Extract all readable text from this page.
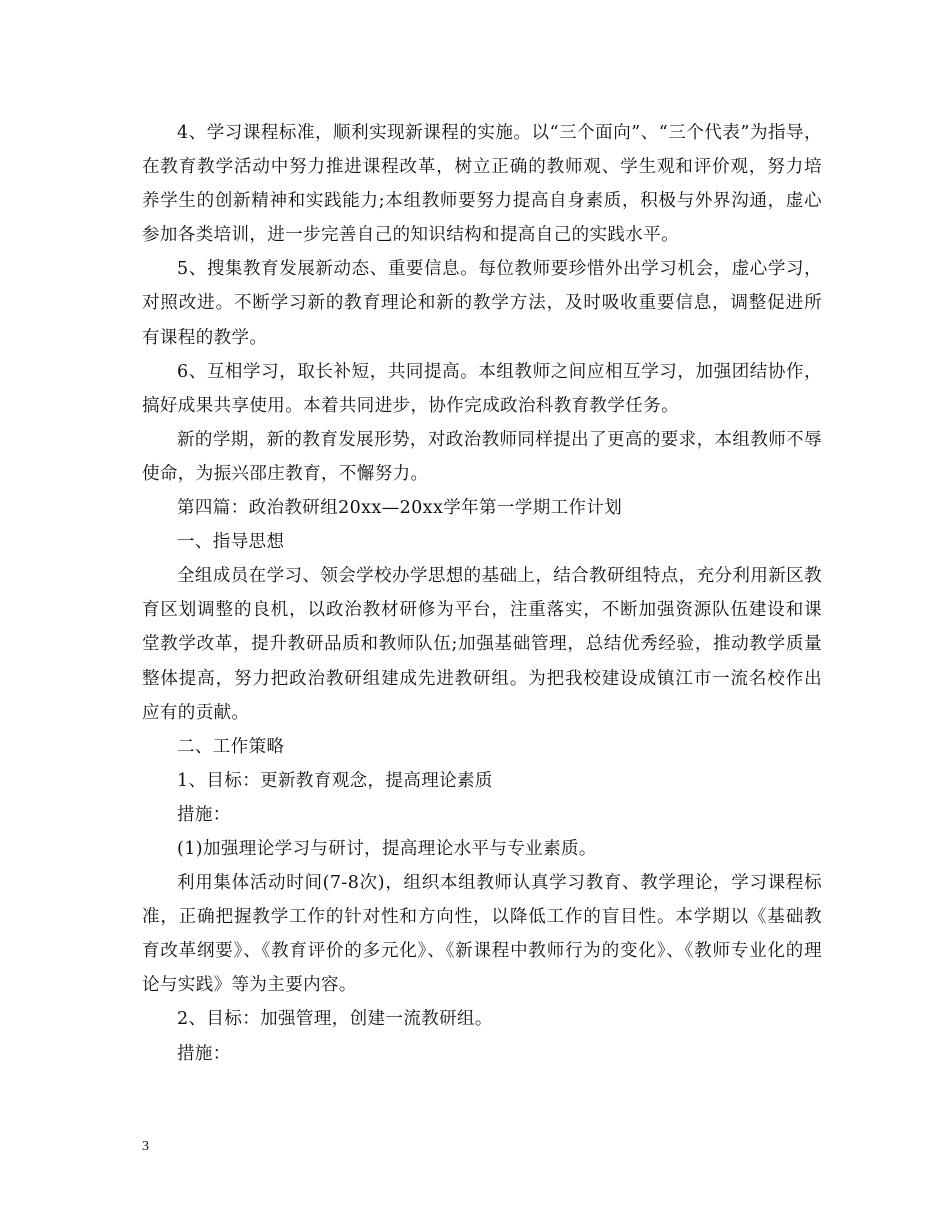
4、学习课程标准，顺利实现新课程的实施。以“三个面向”、“三个代表”为指导，在教育教学活动中努力推进课程改革，树立正确的教师观、学生观和评价观，努力培养学生的创新精神和实践能力;本组教师要努力提高自身素质，积极与外界沟通，虚心参加各类培训，进一步完善自己的知识结构和提高自己的实践水平。

5、搜集教育发展新动态、重要信息。每位教师要珍惜外出学习机会，虚心学习，对照改进。不断学习新的教育理论和新的教学方法，及时吸收重要信息，调整促进所有课程的教学。

6、互相学习，取长补短，共同提高。本组教师之间应相互学习，加强团结协作，搞好成果共享使用。本着共同进步，协作完成政治科教育教学任务。

新的学期，新的教育发展形势，对政治教师同样提出了更高的要求，本组教师不辱使命，为振兴邵庄教育，不懈努力。

第四篇：政治教研组20xx—20xx学年第一学期工作计划

一、指导思想

全组成员在学习、领会学校办学思想的基础上，结合教研组特点，充分利用新区教育区划调整的良机，以政治教材研修为平台，注重落实，不断加强资源队伍建设和课堂教学改革，提升教研品质和教师队伍;加强基础管理，总结优秀经验，推动教学质量整体提高，努力把政治教研组建成先进教研组。为把我校建设成镇江市一流名校作出应有的贡献。

二、工作策略

1、目标：更新教育观念，提高理论素质

措施：

(1)加强理论学习与研讨，提高理论水平与专业素质。

利用集体活动时间(7-8次)，组织本组教师认真学习教育、教学理论，学习课程标准，正确把握教学工作的针对性和方向性，以降低工作的盲目性。本学期以《基础教育改革纲要》、《教育评价的多元化》、《新课程中教师行为的变化》、《教师专业化的理论与实践》等为主要内容。

2、目标：加强管理，创建一流教研组。

措施：

3
